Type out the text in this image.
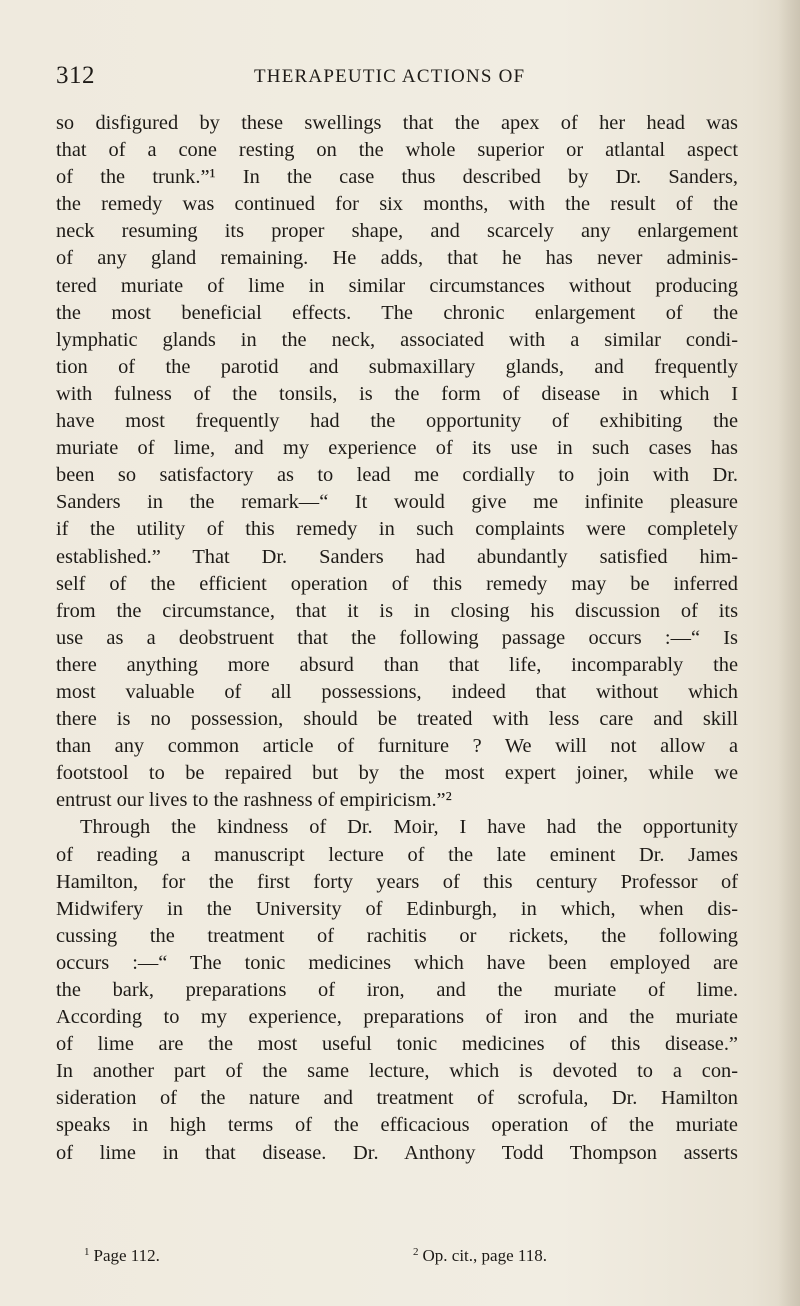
312	THERAPEUTIC ACTIONS OF
so disfigured by these swellings that the apex of her head was
that of a cone resting on the whole superior or atlantal aspect
of the trunk.”¹ In the case thus described by Dr. Sanders,
the remedy was continued for six months, with the result of the
neck resuming its proper shape, and scarcely any enlargement
of any gland remaining. He adds, that he has never adminis-
tered muriate of lime in similar circumstances without producing
the most beneficial effects. The chronic enlargement of the
lymphatic glands in the neck, associated with a similar condi-
tion of the parotid and submaxillary glands, and frequently
with fulness of the tonsils, is the form of disease in which I
have most frequently had the opportunity of exhibiting the
muriate of lime, and my experience of its use in such cases has
been so satisfactory as to lead me cordially to join with Dr.
Sanders in the remark—“ It would give me infinite pleasure
if the utility of this remedy in such complaints were completely
established.” That Dr. Sanders had abundantly satisfied him-
self of the efficient operation of this remedy may be inferred
from the circumstance, that it is in closing his discussion of its
use as a deobstruent that the following passage occurs :—“ Is
there anything more absurd than that life, incomparably the
most valuable of all possessions, indeed that without which
there is no possession, should be treated with less care and skill
than any common article of furniture ? We will not allow a
footstool to be repaired but by the most expert joiner, while we
entrust our lives to the rashness of empiricism.”²
Through the kindness of Dr. Moir, I have had the opportunity
of reading a manuscript lecture of the late eminent Dr. James
Hamilton, for the first forty years of this century Professor of
Midwifery in the University of Edinburgh, in which, when dis-
cussing the treatment of rachitis or rickets, the following
occurs :—“ The tonic medicines which have been employed are
the bark, preparations of iron, and the muriate of lime.
According to my experience, preparations of iron and the muriate
of lime are the most useful tonic medicines of this disease.”
In another part of the same lecture, which is devoted to a con-
sideration of the nature and treatment of scrofula, Dr. Hamilton
speaks in high terms of the efficacious operation of the muriate
of lime in that disease. Dr. Anthony Todd Thompson asserts
$^1$ Page 112.	$^2$ Op. cit., page 118.
